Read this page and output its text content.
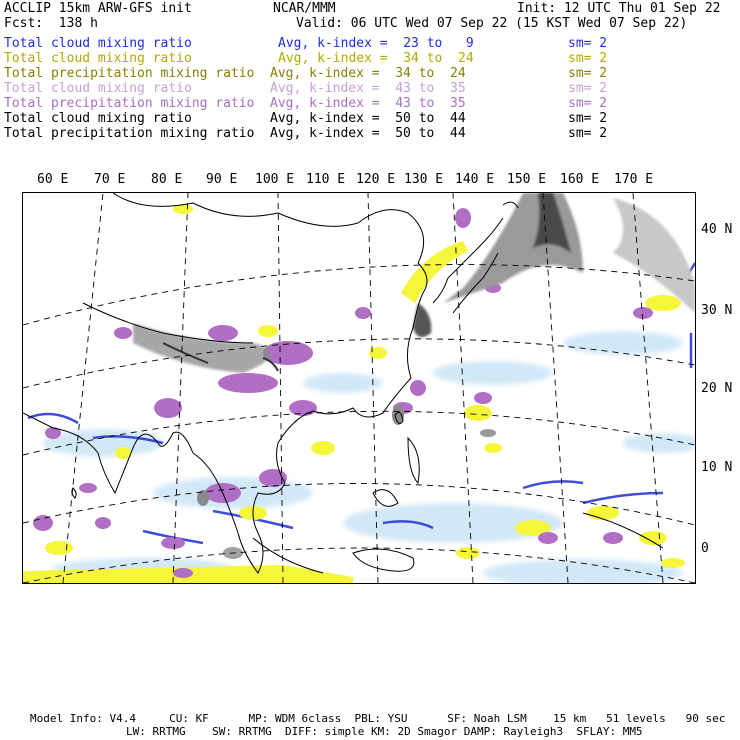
ACCLIP 15km ARW-GFS init	NCAR/MMM	Init: 12 UTC Thu 01 Sep 22
Fcst:  138 h	Valid: 06 UTC Wed 07 Sep 22 (15 KST Wed 07 Sep 22)
Total cloud mixing ratio	Avg, k-index =  23 to   9	sm= 2
Total cloud mixing ratio	Avg, k-index =  34 to  24	sm= 2
Total precipitation mixing ratio Avg, k-index =  34 to  24	sm= 2
Total cloud mixing ratio	Avg, k-index =  43 to  35	sm= 2
Total precipitation mixing ratio Avg, k-index =  43 to  35	sm= 2
Total cloud mixing ratio	Avg, k-index =  50 to  44	sm= 2
Total precipitation mixing ratio Avg, k-index =  50 to  44	sm= 2
60 E 70 E 80 E 90 E 100 E 110 E 120 E 130 E 140 E 150 E 160 E 170 E
40 N
30 N
20 N
10 N
0
Model Info: V4.4     CU: KF      MP: WDM 6class  PBL: YSU      SF: Noah LSM    15 km   51 levels   90 sec
LW: RRTMG    SW: RRTMG  DIFF: simple KM: 2D Smagor DAMP: Rayleigh3  SFLAY: MM5
